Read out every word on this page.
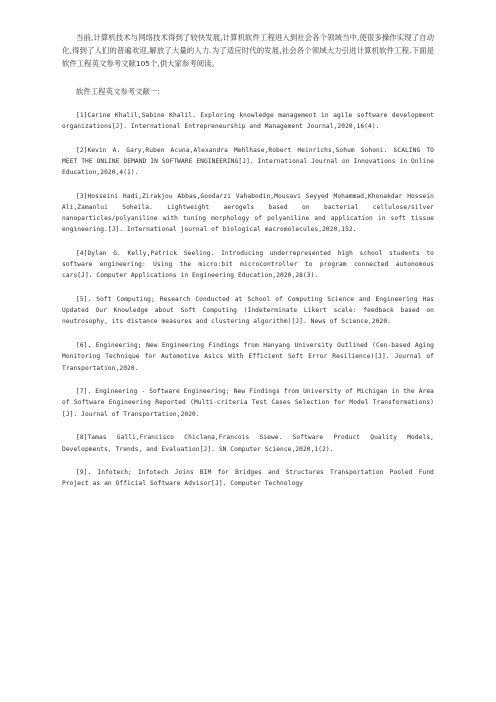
当前,计算机技术与网络技术得到了较快发展,计算机软件工程进入到社会各个领域当中,使很多操作实现了自动化,得到了人们的普遍欢迎,解放了大量的人力.为了适应时代的发展,社会各个领域大力引进计算机软件工程.下面是软件工程英文参考文献105个,供大家参考阅读。

软件工程英文参考文献一:

[1]Carine Khalil,Sabine Khalil. Exploring knowledge management in agile software development organizations[J]. International Entrepreneurship and Management Journal,2020,16(4).
[2]Kevin A. Gary,Ruben Acuna,Alexandra Mehlhase,Robert Heinrichs,Sohum Sohoni. SCALING TO MEET THE ONLINE DEMAND IN SOFTWARE ENGINEERING[J]. International Journal on Innovations in Online Education,2020,4(1).
[3]Hosseini Hadi,Zirakjou Abbas,Goodarzi Vahabodin,Mousavi Seyyed Mohammad,Khonakdar Hossein Ali,Zamanlui Soheila. Lightweight aerogels based on bacterial cellulose/silver nanoparticles/polyaniline with tuning morphology of polyaniline and application in soft tissue engineering.[J]. International journal of biological macromolecules,2020,152.
[4]Dylan G. Kelly,Patrick Seeling. Introducing underrepresented high school students to software engineering: Using the micro:bit microcontroller to program connected autonomous cars[J]. Computer Applications in Engineering Education,2020,28(3).
[5]. Soft Computing; Research Conducted at School of Computing Science and Engineering Has Updated Our Knowledge about Soft Computing (Indeterminate Likert scale: feedback based on neutrosophy, its distance measures and clustering algorithm)[J]. News of Science,2020.
[6]. Engineering; New Engineering Findings from Hanyang University Outlined (Cen-based Aging Monitoring Technique for Automotive Asics With Efficient Soft Error Resilience)[J]. Journal of Transportation,2020.
[7]. Engineering - Software Engineering; New Findings from University of Michigan in the Area of Software Engineering Reported (Multi-criteria Test Cases Selection for Model Transformations)[J]. Journal of Transportation,2020.
[8]Tamas Galli,Francisco Chiclana,Francois Siewe. Software Product Quality Models, Developments, Trends, and Evaluation[J]. SN Computer Science,2020,1(2).
[9]. Infotech; Infotech Joins BIM for Bridges and Structures Transportation Pooled Fund Project as an Official Software Advisor[J]. Computer Technology
